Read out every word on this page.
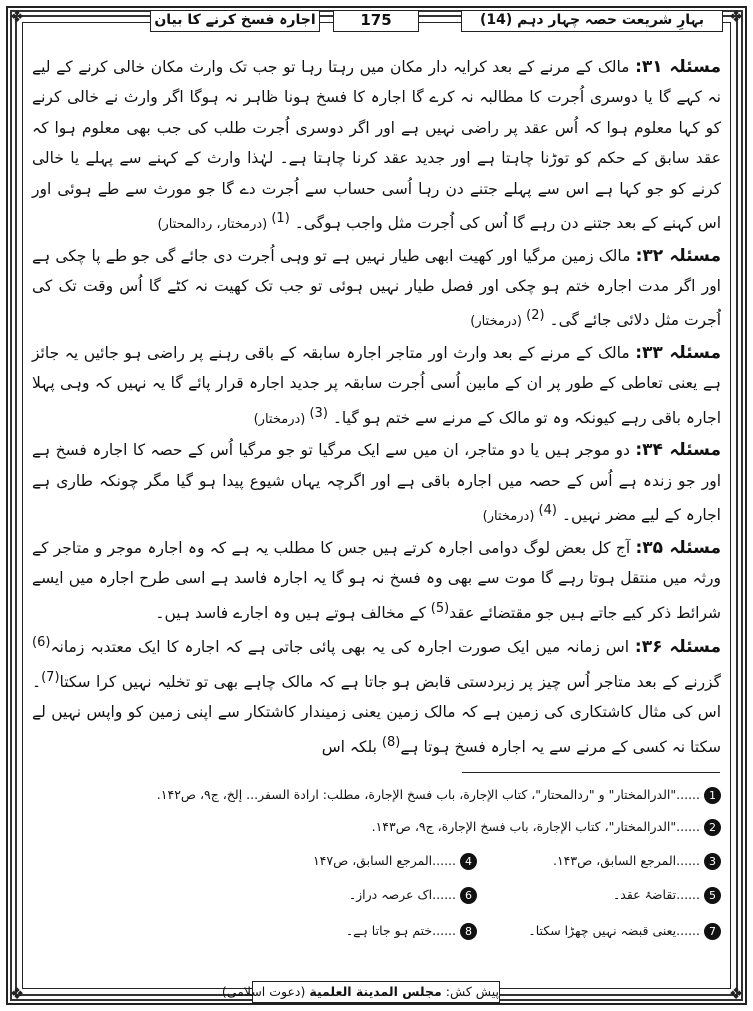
❖	❖
❖	❖
بہارِ شریعت حصہ چہار دہم (14)
175
اجارہ فسخ کرنے کا بیان

مسئلہ ۳۱: مالک کے مرنے کے بعد کرایہ دار مکان میں رہتا رہا تو جب تک وارث مکان خالی کرنے کے لیے نہ کہے گا یا دوسری اُجرت کا مطالبہ نہ کرے گا اجارہ کا فسخ ہونا ظاہر نہ ہوگا اگر وارث نے خالی کرنے کو کہا معلوم ہوا کہ اُس عقد پر راضی نہیں ہے اور اگر دوسری اُجرت طلب کی جب بھی معلوم ہوا کہ عقد سابق کے حکم کو توڑنا چاہتا ہے اور جدید عقد کرنا چاہتا ہے۔ لہٰذا وارث کے کہنے سے پہلے یا خالی کرنے کو جو کہا ہے اس سے پہلے جتنے دن رہا اُسی حساب سے اُجرت دے گا جو مورث سے طے ہوئی اور اس کہنے کے بعد جتنے دن رہے گا اُس کی اُجرت مثل واجب ہوگی۔ $^{(1)}$ (درمختار، ردالمحتار)

مسئلہ ۳۲: مالک زمین مرگیا اور کھیت ابھی طیار نہیں ہے تو وہی اُجرت دی جائے گی جو طے پا چکی ہے اور اگر مدت اجارہ ختم ہو چکی اور فصل طیار نہیں ہوئی تو جب تک کھیت نہ کٹے گا اُس وقت تک کی اُجرت مثل دلائی جائے گی۔ $^{(2)}$ (درمختار)

مسئلہ ۳۳: مالک کے مرنے کے بعد وارث اور متاجر اجارہ سابقہ کے باقی رہنے پر راضی ہو جائیں یہ جائز ہے یعنی تعاطی کے طور پر ان کے مابین اُسی اُجرت سابقہ پر جدید اجارہ قرار پائے گا یہ نہیں کہ وہی پہلا اجارہ باقی رہے کیونکہ وہ تو مالک کے مرنے سے ختم ہو گیا۔ $^{(3)}$ (درمختار)

مسئلہ ۳۴: دو موجر ہیں یا دو متاجر، ان میں سے ایک مرگیا تو جو مرگیا اُس کے حصہ کا اجارہ فسخ ہے اور جو زندہ ہے اُس کے حصہ میں اجارہ باقی ہے اور اگرچہ یہاں شیوع پیدا ہو گیا مگر چونکہ طاری ہے اجارہ کے لیے مضر نہیں۔ $^{(4)}$ (درمختار)

مسئلہ ۳۵: آج کل بعض لوگ دوامی اجارہ کرتے ہیں جس کا مطلب یہ ہے کہ وہ اجارہ موجر و متاجر کے ورثہ میں منتقل ہوتا رہے گا موت سے بھی وہ فسخ نہ ہو گا یہ اجارہ فاسد ہے اسی طرح اجارہ میں ایسے شرائط ذکر کیے جاتے ہیں جو مقتضائے عقد$^{(5)}$ کے مخالف ہوتے ہیں وہ اجارے فاسد ہیں۔

مسئلہ ۳۶: اس زمانہ میں ایک صورت اجارہ کی یہ بھی پائی جاتی ہے کہ اجارہ کا ایک معتدبہ زمانہ$^{(6)}$ گزرنے کے بعد متاجر اُس چیز پر زبردستی قابض ہو جاتا ہے کہ مالک چاہے بھی تو تخلیہ نہیں کرا سکتا$^{(7)}$۔ اس کی مثال کاشتکاری کی زمین ہے کہ مالک زمین یعنی زمیندار کاشتکار سے اپنی زمین کو واپس نہیں لے سکتا نہ کسی کے مرنے سے یہ اجارہ فسخ ہوتا ہے$^{(8)}$ بلکہ اس

1......"الدرالمختار" و "ردالمحتار"، کتاب الإجارة، باب فسخ الإجارة، مطلب: ارادة السفر... إلخ، ج۹، ص۱۴۲.
2......"الدرالمختار"، کتاب الإجارة، باب فسخ الإجارة، ج۹، ص۱۴۳.
3......المرجع السابق، ص۱۴۳.
4......المرجع السابق، ص۱۴۷
5......تقاضۂ عقد۔
6......اک عرصہ دراز۔
7......یعنی قبضہ نہیں چھڑا سکتا۔
8......ختم ہو جاتا ہے۔
پیش کش: مجلس المدینة العلمیة (دعوت اسلامی)
